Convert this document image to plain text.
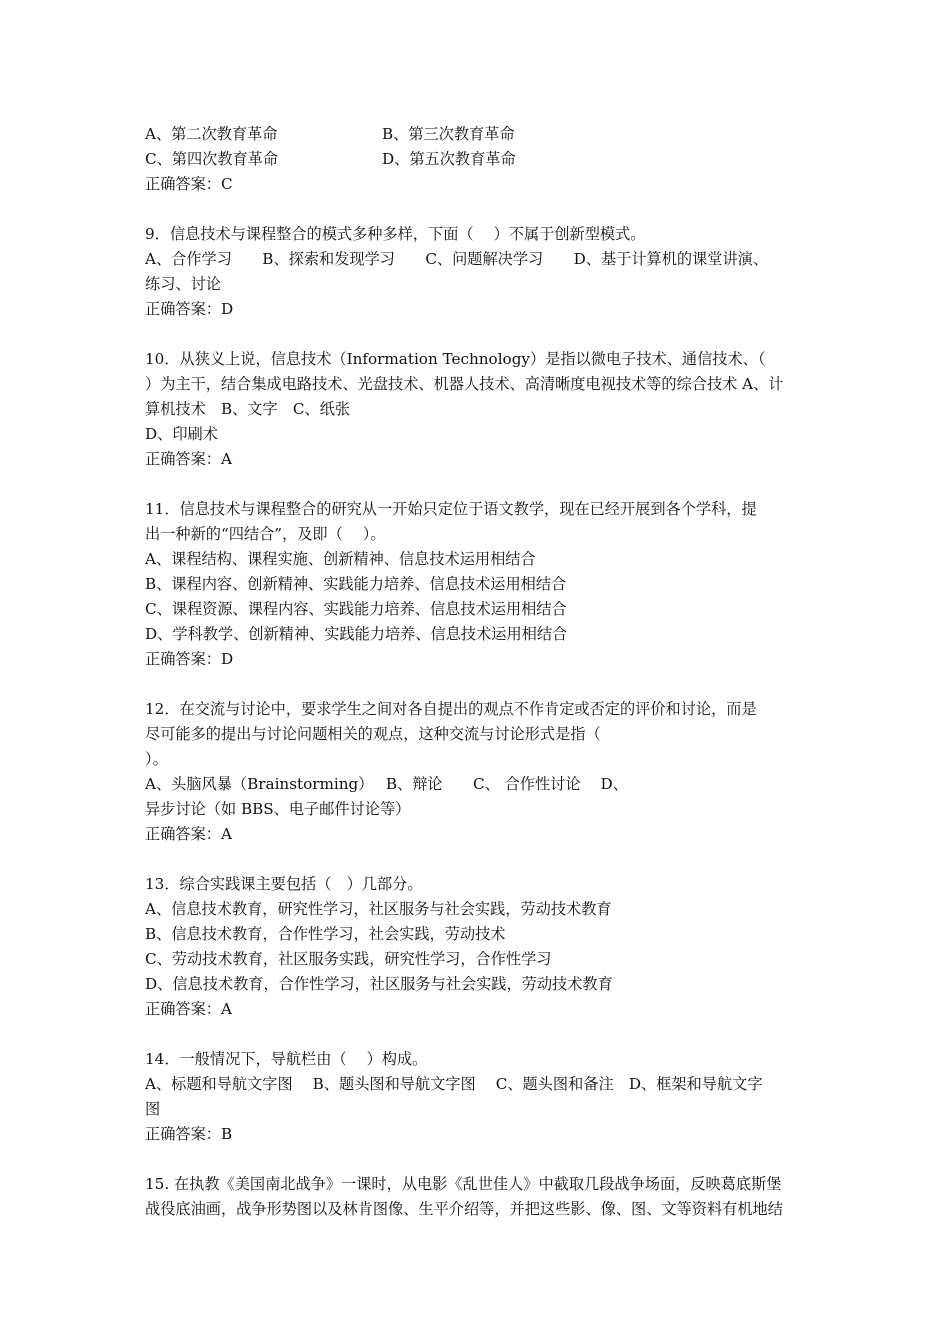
A、第二次教育革命	B、第三次教育革命
C、第四次教育革命	D、第五次教育革命
正确答案：C
9．信息技术与课程整合的模式多种多样，下面（　 ）不属于创新型模式。
A、合作学习　　B、探索和发现学习　　C、问题解决学习　　D、基于计算机的课堂讲演、
练习、讨论
正确答案：D
10．从狭义上说，信息技术（Information Technology）是指以微电子技术、通信技术、（
）为主干，结合集成电路技术、光盘技术、机器人技术、高清晰度电视技术等的综合技术 A、计
算机技术　B、文字　C、纸张
D、印刷术
正确答案：A
11．信息技术与课程整合的研究从一开始只定位于语文教学，现在已经开展到各个学科，提
出一种新的“四结合”，及即（　 ）。
A、课程结构、课程实施、创新精神、信息技术运用相结合
B、课程内容、创新精神、实践能力培养、信息技术运用相结合
C、课程资源、课程内容、实践能力培养、信息技术运用相结合
D、学科教学、创新精神、实践能力培养、信息技术运用相结合
正确答案：D
12．在交流与讨论中，要求学生之间对各自提出的观点不作肯定或否定的评价和讨论，而是
尽可能多的提出与讨论问题相关的观点，这种交流与讨论形式是指（
）。
A、头脑风暴（Brainstorming）　 B、辩论　　C、 合作性讨论　 D、
异步讨论（如 BBS、电子邮件讨论等）
正确答案：A
13．综合实践课主要包括（　）几部分。
A、信息技术教育，研究性学习，社区服务与社会实践，劳动技术教育
B、信息技术教育，合作性学习，社会实践，劳动技术
C、劳动技术教育，社区服务实践，研究性学习，合作性学习
D、信息技术教育，合作性学习，社区服务与社会实践，劳动技术教育
正确答案：A
14．一般情况下，导航栏由（　 ）构成。
A、标题和导航文字图　 B、题头图和导航文字图　 C、题头图和备注　D、框架和导航文字
图
正确答案：B
15. 在执教《美国南北战争》一课时，从电影《乱世佳人》中截取几段战争场面，反映葛底斯堡
战役底油画，战争形势图以及林肯图像、生平介绍等，并把这些影、像、图、文等资料有机地结
